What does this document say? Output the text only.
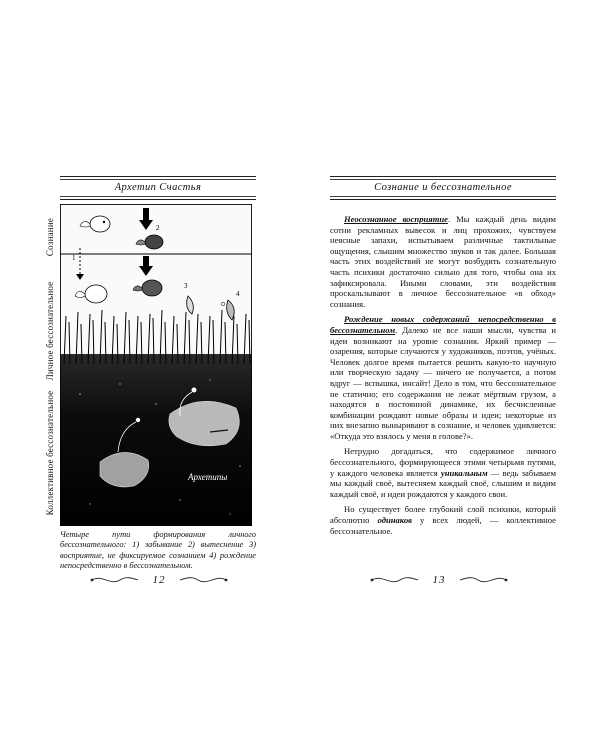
Архетип Счастья
Сознание
Личное бессознательное
Коллективное бессознательное
1
2
3
4
Архетипы
Четыре пути формирования личного бессознательного: 1) забывание 2) вытеснение 3) восприятие, не фиксируемое сознанием 4) рождение непосредственно в бессознательном.
12
Сознание и бессознательное
13

Неосознанное восприятие. Мы каждый день видим сотни рекламных вывесок и лиц прохожих, чувствуем неясные запахи, испытываем различные тактильные ощущения, слышим множество звуков и так далее. Большая часть этих воздействий не могут возбудить сознательную часть психики достаточно сильно для того, чтобы она их зафиксировала. Иными словами, эти воздействия проскальзывают в личное бессознательное «в обход» сознания.

Рождение новых содержаний непосредственно в бессознательном. Далеко не все наши мысли, чувства и идеи возникают на уровне сознания. Яркий пример — озарения, которые случаются у художников, поэтов, учёных. Человек долгое время пытается решить какую-то научную или творческую задачу — ничего не получается, а потом вдруг — вспышка, инсайт! Дело в том, что бессознательное не статично; его содержания не лежат мёртвым грузом, а находятся в постоянной динамике, их бесчисленные комбинации рождают новые образы и идеи; некоторые из них внезапно выныривают в сознание, и человек удивляется: «Откуда это взялось у меня в голове?».

Нетрудно догадаться, что содержимое личного бессознательного, формирующееся этими четырьмя путями, у каждого человека является уникальным — ведь забываем мы каждый своё, вытесняем каждый своё, слышим и видим каждый своё, и идеи рождаются у каждого свои.

Но существует более глубокий слой психики, который абсолютно одинаков у всех людей, — коллективное бессознательное.
